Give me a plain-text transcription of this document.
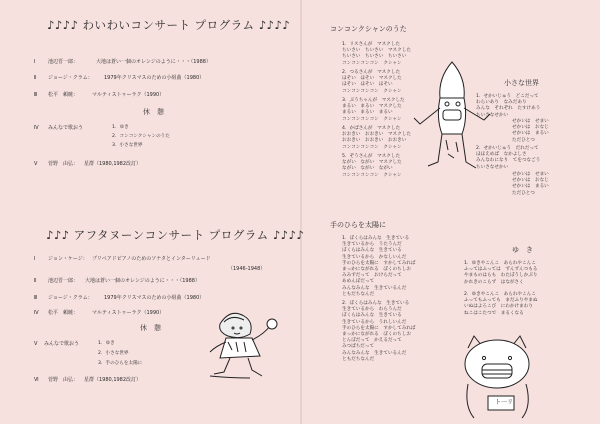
♪♪♪♪ わいわいコンサート プログラム ♪♪♪♪
Ⅰ	池辺晋一郎：	大地は蒼い一個のオレンジのように・・・（1988）
Ⅱ ジョージ・クラム： 1979年クリスマスのための小組曲（1980）
Ⅲ 松平　頼暁：	マルティストゥーラク（1990）
休　憩
Ⅳ みんなで歌おう	1．ゆき
2．コンコンクシャンのうた
3．小さな世界
Ⅴ 菅野　由弘： 星群（1980,1982改訂）
♪♪♪ アフタヌーンコンサート プログラム ♪♪♪♪
Ⅰ	ジョン・ケージ： プリペアドピアノのためのソナタとインターリュード
（1946-1948）
Ⅱ 池辺晋一郎： 大地は蒼い一個のオレンジのように・・・（1988）
Ⅲ ジョージ・クラム： 1979年クリスマスのための小組曲（1980）
Ⅳ 松平　頼暁：	マルティストゥーラク（1990）
休　憩
Ⅴ みんなで歌おう	1．ゆき
2．小さな世界
3．手のひらを太陽に
Ⅵ 菅野　由弘： 星群（1980,1982改訂）
コンコンクシャンのうた
1．リスさんが　マスクした
ちいさい　ちいさい　マスクした
ちいさい　ちいさい　ちいさい
コンコンコンコン　クシャン
2．つるさんが　マスクした
ほそい　ほそい　マスクした
ほそい　ほそい　ほそい
コンコンコンコン　クシャン
3．ぶうちゃんが　マスクした
まるい　まるい　マスクした
まるい　まるい　まるい
コンコンコンコン　クシャン
4．かばさんが　マスクした
おおきい　おおきい　マスクした
おおきい　おおきい　おおきい
コンコンコンコン　クシャン
5．ぞうさんが　マスクした
ながい　ながい　マスクした
ながい　ながい　ながい
コンコンコンコン　クシャン
小さな世界
1．せかいじゅう　どこだって
わらいあり　なみだあり
みんな　それぞれ　たすけあう
ちいさなせかい
せかいは　せまい
せかいは　おなじ
せかいは　まるい
ただひとつ
2．せかいじゅう　だれだって
ほほえめば　なかよしさ
みんなわになり　てをつなごう
ちいさなせかい
せかいは　せまい
せかいは　おなじ
せかいは　まるい
ただひとつ
手のひらを太陽に
1．ぼくらはみんな　生きている
生きているから　うたうんだ
ぼくらはみんな　生きている
生きているから　かなしいんだ
手のひらを太陽に　すかしてみれば
まっかにながれる　ぼくのちしお
みみずだって　おけらだって
あめんぼだって
みんなみんな　生きているんだ
ともだちなんだ
2．ぼくらはみんな　生きている
生きているから　わらうんだ
ぼくらはみんな　生きている
生きているから　うれしいんだ
手のひらを太陽に　すかしてみれば
まっかにながれる　ぼくのちしお
とんぼだって　かえるだって
みつばちだって
みんなみんな　生きているんだ
ともだちなんだ
ゆ　き
1．ゆきやこんこ　あられやこんこ
ふってはふっては　ずんずんつもる
やまものはらも　わたぼうしかぶり
かれきのこらず　はながさく
2．ゆきやこんこ　あられやこんこ
ふってもふっても　まだふりやまぬ
いぬはよろこび　にわかけまわり
ねこはこたつで　まるくなる
ト一リ
